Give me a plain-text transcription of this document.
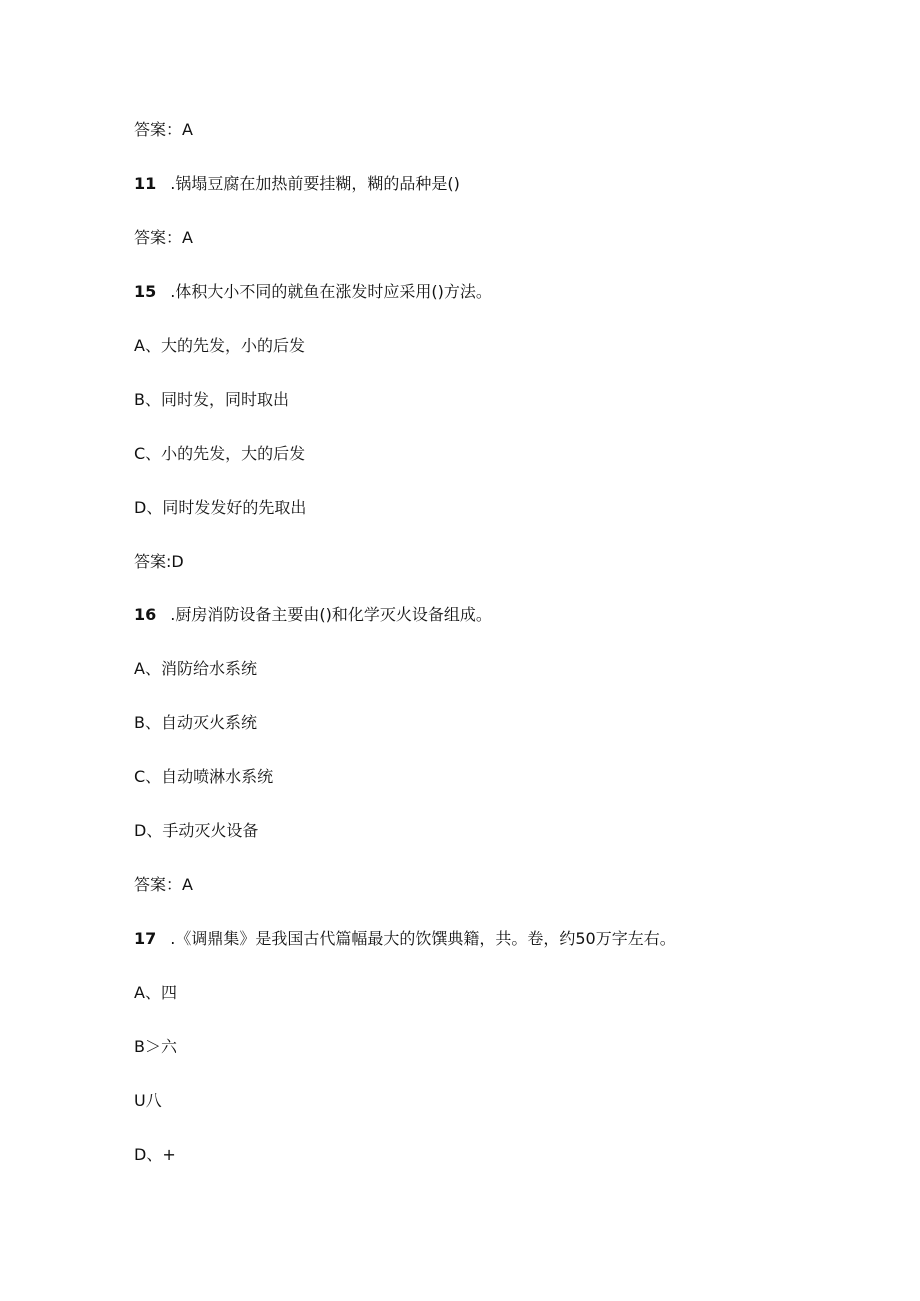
答案：A
11 .锅塌豆腐在加热前要挂糊，糊的品种是()
答案：A
15 .体积大小不同的就鱼在涨发时应采用()方法。
A、大的先发，小的后发
B、同时发，同时取出
C、小的先发，大的后发
D、同时发发好的先取出
答案:D
16 .厨房消防设备主要由()和化学灭火设备组成。
A、消防给水系统
B、自动灭火系统
C、自动喷淋水系统
D、手动灭火设备
答案：A
17 .《调鼎集》是我国古代篇幅最大的饮馔典籍，共。卷，约50万字左右。
A、四
B＞六
U八
D、+
